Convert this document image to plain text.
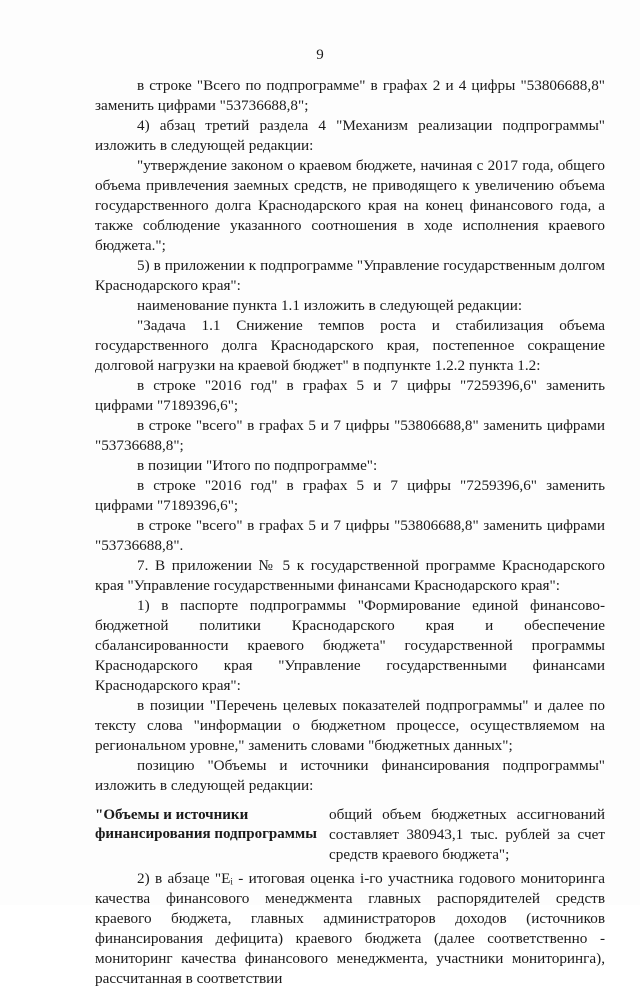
9

в строке "Всего по подпрограмме" в графах 2 и 4 цифры "53806688,8" заменить цифрами "53736688,8";

4) абзац третий раздела 4 "Механизм реализации подпрограммы" изложить в следующей редакции:

"утверждение законом о краевом бюджете, начиная с 2017 года, общего объема привлечения заемных средств, не приводящего к увеличению объема государственного долга Краснодарского края на конец финансового года, а также соблюдение указанного соотношения в ходе исполнения краевого бюджета.";

5) в приложении к подпрограмме "Управление государственным долгом Краснодарского края":

наименование пункта 1.1 изложить в следующей редакции:

"Задача 1.1 Снижение темпов роста и стабилизация объема государственного долга Краснодарского края, постепенное сокращение долговой нагрузки на краевой бюджет" в подпункте 1.2.2 пункта 1.2:

в строке "2016 год" в графах 5 и 7 цифры "7259396,6" заменить цифрами "7189396,6";

в строке "всего" в графах 5 и 7 цифры "53806688,8" заменить цифрами "53736688,8";

в позиции "Итого по подпрограмме":

в строке "2016 год" в графах 5 и 7 цифры "7259396,6" заменить цифрами "7189396,6";

в строке "всего" в графах 5 и 7 цифры "53806688,8" заменить цифрами "53736688,8".

7. В приложении № 5 к государственной программе Краснодарского края "Управление государственными финансами Краснодарского края":

1) в паспорте подпрограммы "Формирование единой финансово-бюджетной политики Краснодарского края и обеспечение сбалансированности краевого бюджета" государственной программы Краснодарского края "Управление государственными финансами Краснодарского края":

в позиции "Перечень целевых показателей подпрограммы" и далее по тексту слова "информации о бюджетном процессе, осуществляемом на региональном уровне," заменить словами "бюджетных данных";

позицию "Объемы и источники финансирования подпрограммы" изложить в следующей редакции:

"Объемы и источники финансирования подпрограммы
общий объем бюджетных ассигнований составляет 380943,1 тыс. рублей за счет средств краевого бюджета";

2) в абзаце "Eᵢ - итоговая оценка i-го участника годового мониторинга качества финансового менеджмента главных распорядителей средств краевого бюджета, главных администраторов доходов (источников финансирования дефицита) краевого бюджета (далее соответственно - мониторинг качества финансового менеджмента, участники мониторинга), рассчитанная в соответствии
